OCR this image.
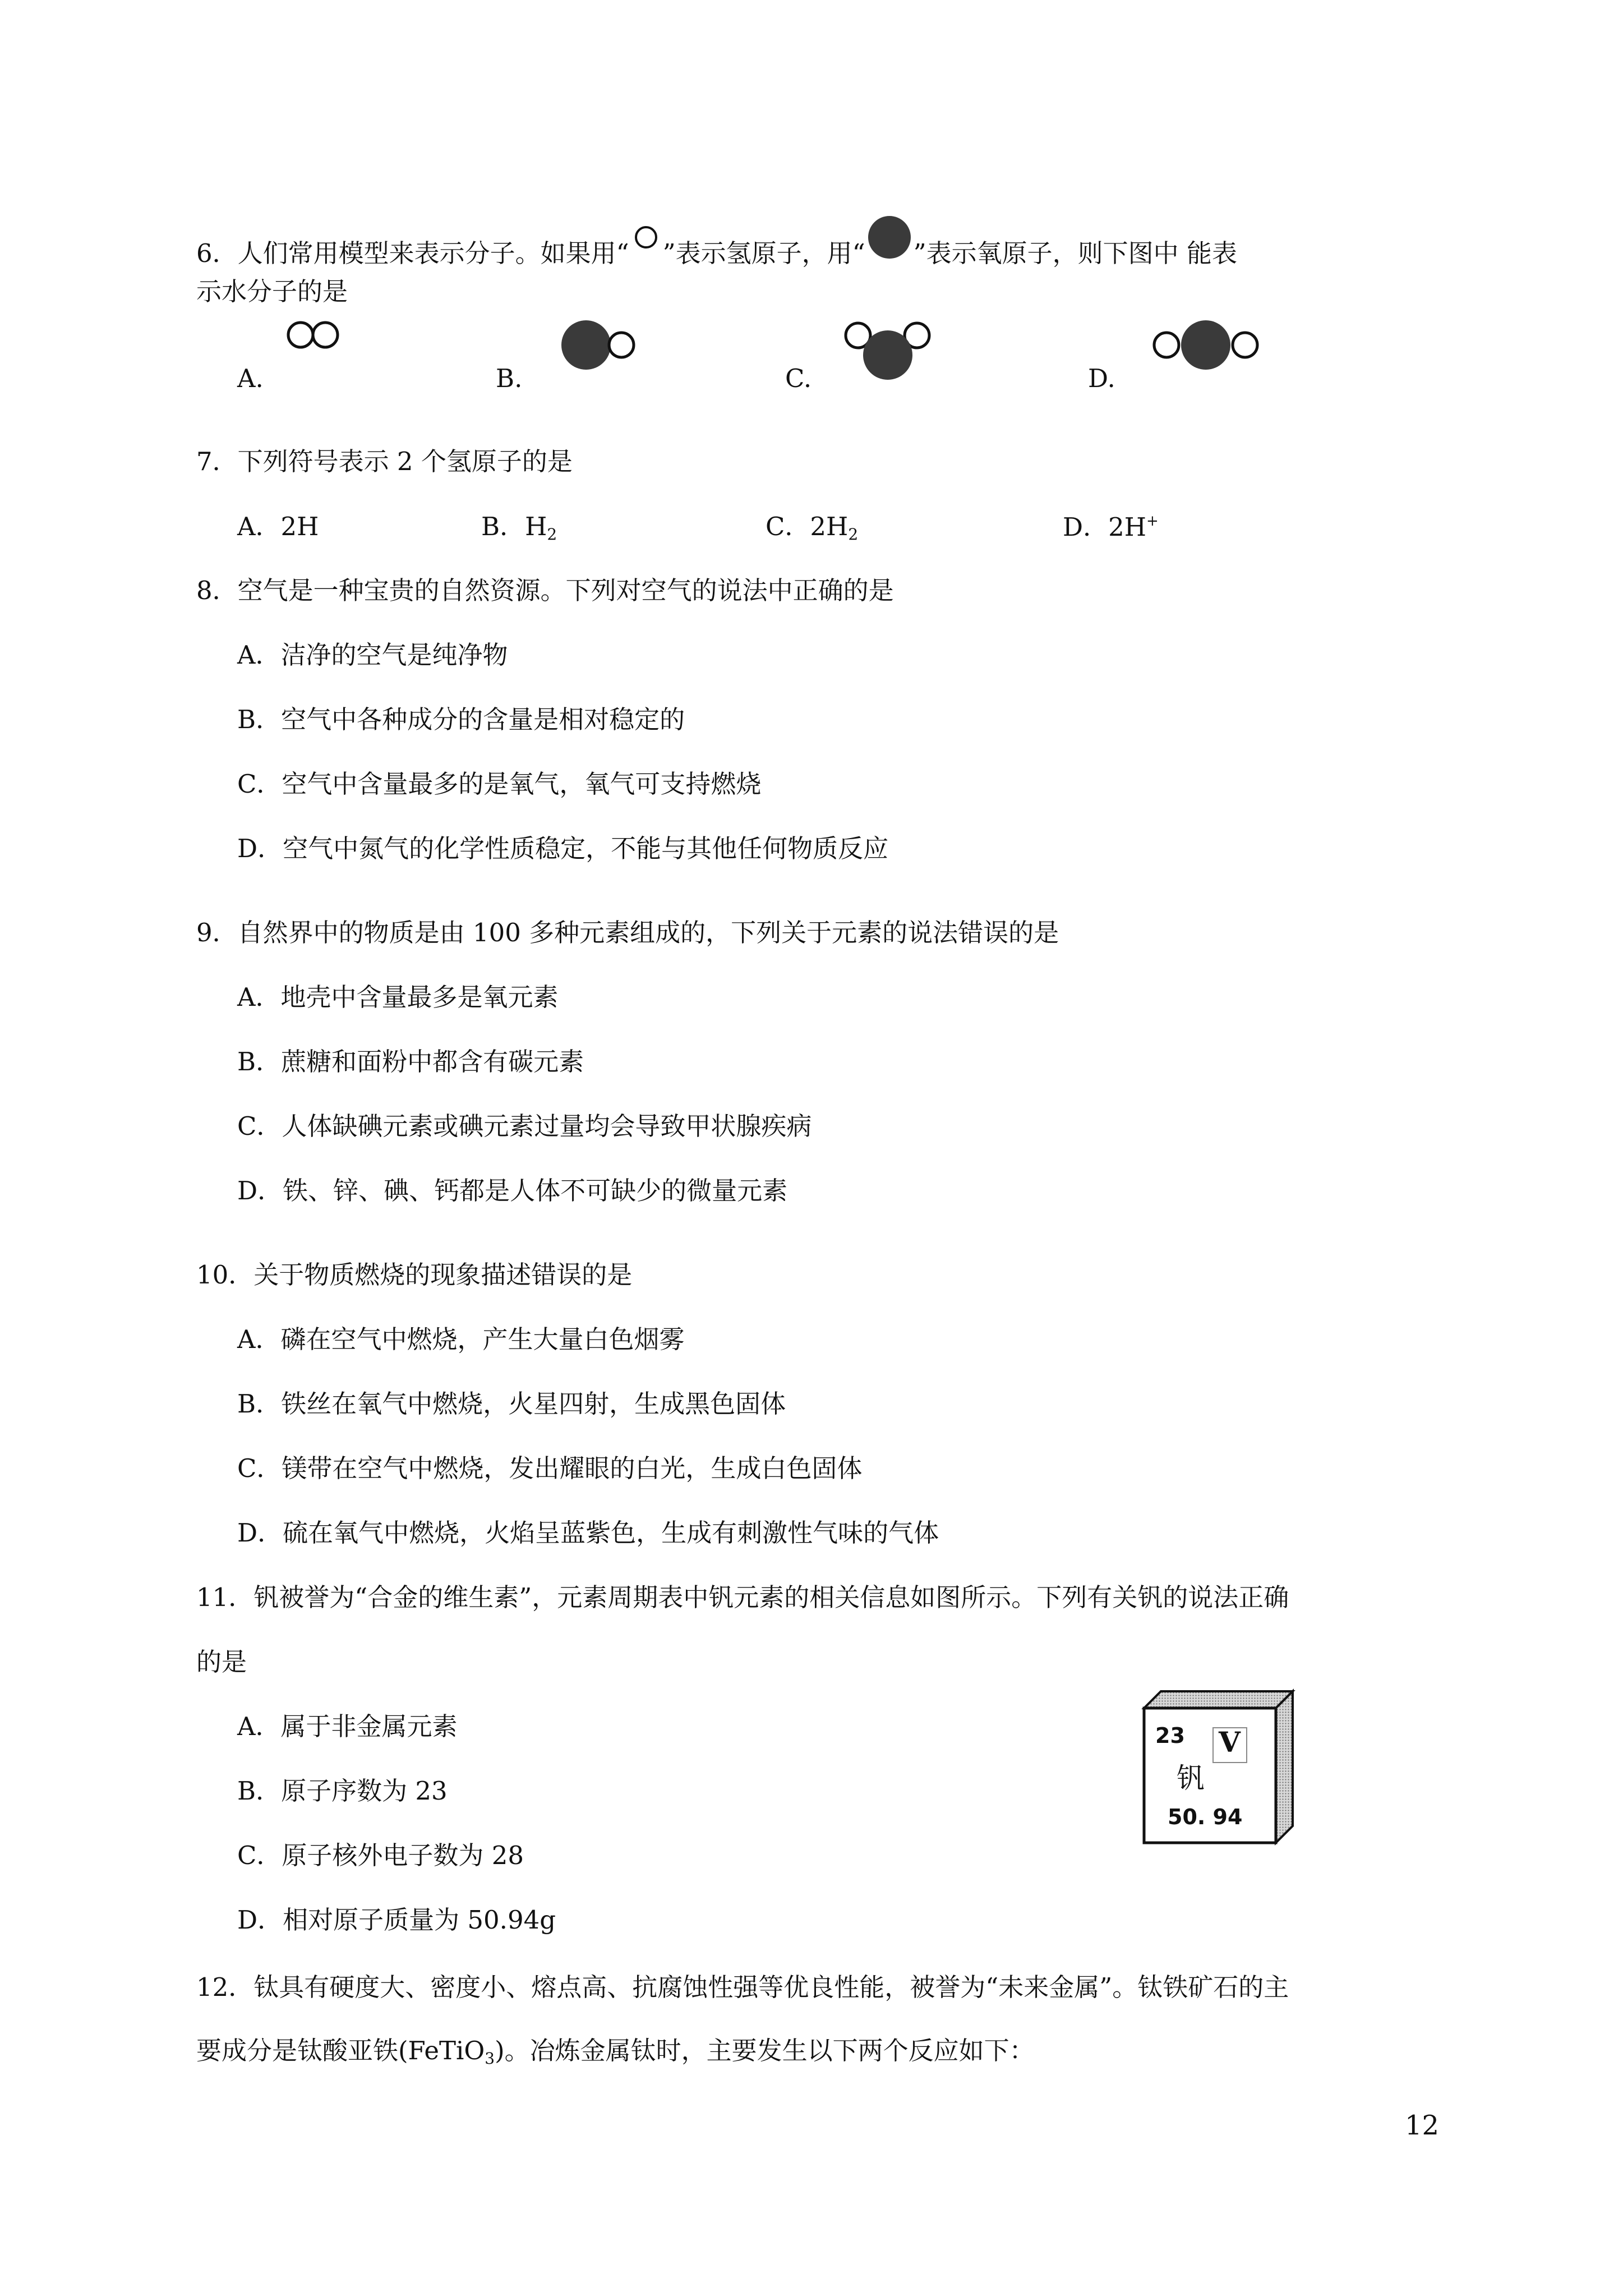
6．人们常用模型来表示分子。如果用“ ”表示氢原子，用“ ”表示氧原子，则下图中 能表
示水分子的是
A.	B.	C.	D.
7．下列符号表示 2 个氢原子的是
A．2H	B．$H_2$	C．$2H_2$	D．2H+
8．空气是一种宝贵的自然资源。下列对空气的说法中正确的是
A．洁净的空气是纯净物
B．空气中各种成分的含量是相对稳定的
C．空气中含量最多的是氧气，氧气可支持燃烧
D．空气中氮气的化学性质稳定，不能与其他任何物质反应
9．自然界中的物质是由 100 多种元素组成的，下列关于元素的说法错误的是
A．地壳中含量最多是氧元素
B．蔗糖和面粉中都含有碳元素
C．人体缺碘元素或碘元素过量均会导致甲状腺疾病
D．铁、锌、碘、钙都是人体不可缺少的微量元素
10．关于物质燃烧的现象描述错误的是
A．磷在空气中燃烧，产生大量白色烟雾
B．铁丝在氧气中燃烧，火星四射，生成黑色固体
C．镁带在空气中燃烧，发出耀眼的白光，生成白色固体
D．硫在氧气中燃烧，火焰呈蓝紫色，生成有刺激性气味的气体
11．钒被誉为“合金的维生素”，元素周期表中钒元素的相关信息如图所示。下列有关钒的说法正确
的是
A．属于非金属元素
B．原子序数为 23
C．原子核外电子数为 28
D．相对原子质量为 50.94g
23 V
钒
50. 94
12．钛具有硬度大、密度小、熔点高、抗腐蚀性强等优良性能，被誉为“未来金属”。钛铁矿石的主
要成分是钛酸亚铁(FeTiO$_3$)。冶炼金属钛时，主要发生以下两个反应如下：
12
